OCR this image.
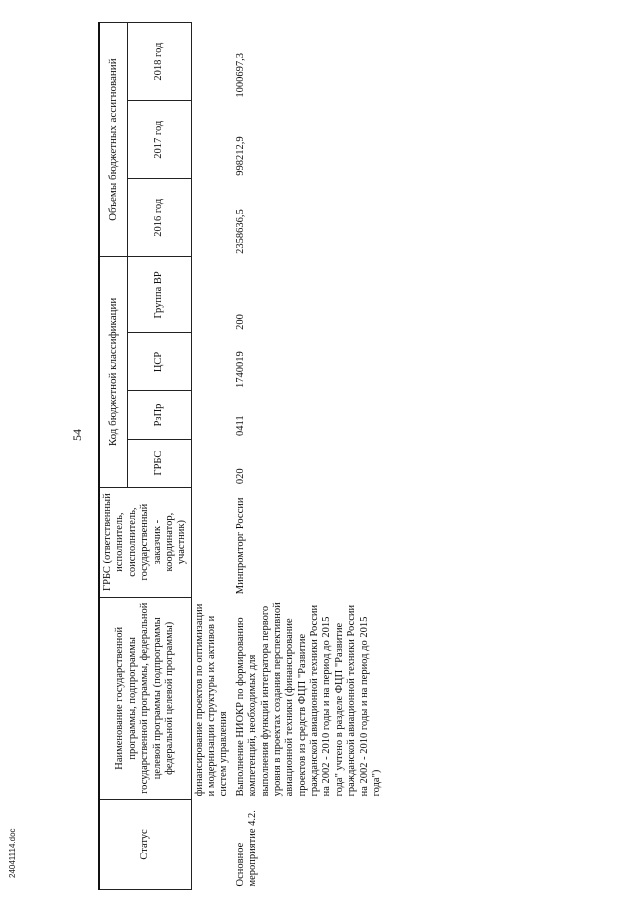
54
Статус	Наименование государственной программы, подпрограммы государственной программы, федеральной целевой программы (подпрограммы федеральной целевой программы)	ГРБС (ответственный исполнитель, соисполнитель, государственный заказчик - координатор, участник)	Код бюджетной классификации				Объемы бюджетных ассигнований		
			ГРБС	РзПр	ЦСР	Группа ВР	2016 год	2017 год	2018 год
	финансирование проектов по оптимизации и модернизации структуры их активов и систем управления								
Основное мероприятие 4.2.	Выполнение НИОКР по формированию компетенций, необходимых для выполнения функций интегратора первого уровня в проектах создания перспективной авиационной техники (финансирование проектов из средств ФЦП "Развитие гражданской авиационной техники России на 2002 - 2010 годы и на период до 2015 года" учтено в разделе ФЦП "Развитие гражданской авиационной техники России на 2002 - 2010 годы и на период до 2015 года")	Минпромторг России	020	0411	1740019	200	2358636,5	998212,9	1000697,3
24041114.doc
